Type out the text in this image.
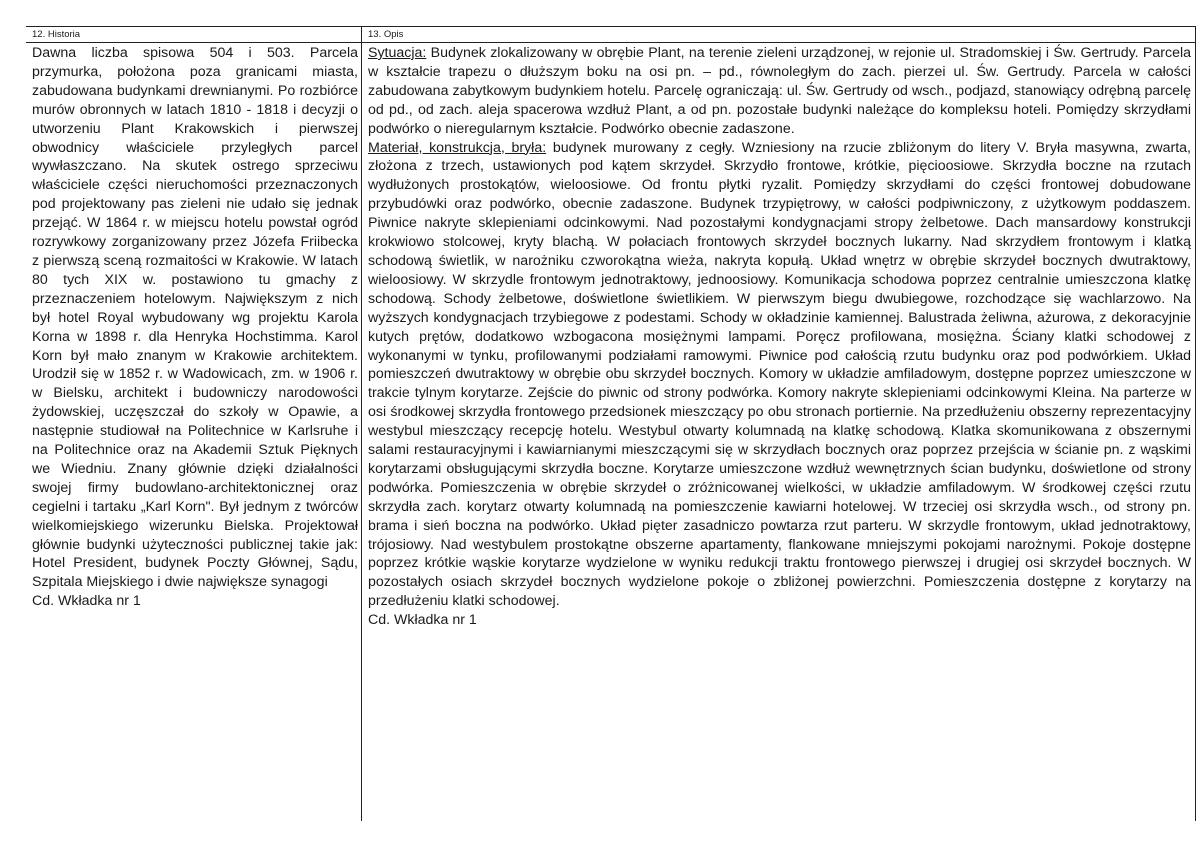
12. Historia

Dawna liczba spisowa 504 i 503. Parcela przymurka, położona poza granicami miasta, zabudowana budynkami drewnianymi. Po rozbiórce murów obronnych w latach 1810 - 1818 i decyzji o utworzeniu Plant Krakowskich i pierwszej obwodnicy właściciele przyległych parcel wywłaszczano. Na skutek ostrego sprzeciwu właściciele części nieruchomości przeznaczonych pod projektowany pas zieleni nie udało się jednak przejąć. W 1864 r. w miejscu hotelu powstał ogród rozrywkowy zorganizowany przez Józefa Friibecka z pierwszą sceną rozmaitości w Krakowie. W latach 80 tych XIX w. postawiono tu gmachy z przeznaczeniem hotelowym. Największym z nich był hotel Royal wybudowany wg projektu Karola Korna w 1898 r. dla Henryka Hochstimma. Karol Korn był mało znanym w Krakowie architektem. Urodził się w 1852 r. w Wadowicach, zm. w 1906 r. w Bielsku, architekt i budowniczy narodowości żydowskiej, uczęszczał do szkoły w Opawie, a następnie studiował na Politechnice w Karlsruhe i na Politechnice oraz na Akademii Sztuk Pięknych we Wiedniu. Znany głównie dzięki działalności swojej firmy budowlano-architektonicznej oraz cegielni i tartaku „Karl Korn". Był jednym z twórców wielkomiejskiego wizerunku Bielska. Projektował głównie budynki użyteczności publicznej takie jak: Hotel President, budynek Poczty Głównej, Sądu, Szpitala Miejskiego i dwie największe synagogi

Cd. Wkładka nr 1

13. Opis

Sytuacja: Budynek zlokalizowany w obrębie Plant, na terenie zieleni urządzonej, w rejonie ul. Stradomskiej i Św. Gertrudy. Parcela w kształcie trapezu o dłuższym boku na osi pn. – pd., równoległym do zach. pierzei ul. Św. Gertrudy. Parcela w całości zabudowana zabytkowym budynkiem hotelu. Parcelę ograniczają: ul. Św. Gertrudy od wsch., podjazd, stanowiący odrębną parcelę od pd., od zach. aleja spacerowa wzdłuż Plant, a od pn. pozostałe budynki należące do kompleksu hoteli. Pomiędzy skrzydłami podwórko o nieregularnym kształcie. Podwórko obecnie zadaszone.

Materiał, konstrukcja, bryła: budynek murowany z cegły. Wzniesiony na rzucie zbliżonym do litery V. Bryła masywna, zwarta, złożona z trzech, ustawionych pod kątem skrzydeł. Skrzydło frontowe, krótkie, pięcioosiowe. Skrzydła boczne na rzutach wydłużonych prostokątów, wieloosiowe. Od frontu płytki ryzalit. Pomiędzy skrzydłami do części frontowej dobudowane przybudówki oraz podwórko, obecnie zadaszone. Budynek trzypiętrowy, w całości podpiwniczony, z użytkowym poddaszem. Piwnice nakryte sklepieniami odcinkowymi. Nad pozostałymi kondygnacjami stropy żelbetowe. Dach mansardowy konstrukcji krokwiowo stolcowej, kryty blachą. W połaciach frontowych skrzydeł bocznych lukarny. Nad skrzydłem frontowym i klatką schodową świetlik, w narożniku czworokątna wieża, nakryta kopułą. Układ wnętrz w obrębie skrzydeł bocznych dwutraktowy, wieloosiowy. W skrzydle frontowym jednotraktowy, jednoosiowy. Komunikacja schodowa poprzez centralnie umieszczona klatkę schodową. Schody żelbetowe, doświetlone świetlikiem. W pierwszym biegu dwubiegowe, rozchodzące się wachlarzowo. Na wyższych kondygnacjach trzybiegowe z podestami. Schody w okładzinie kamiennej. Balustrada żeliwna, ażurowa, z dekoracyjnie kutych prętów, dodatkowo wzbogacona mosiężnymi lampami. Poręcz profilowana, mosiężna. Ściany klatki schodowej z wykonanymi w tynku, profilowanymi podziałami ramowymi. Piwnice pod całością rzutu budynku oraz pod podwórkiem. Układ pomieszczeń dwutraktowy w obrębie obu skrzydeł bocznych. Komory w układzie amfiladowym, dostępne poprzez umieszczone w trakcie tylnym korytarze. Zejście do piwnic od strony podwórka. Komory nakryte sklepieniami odcinkowymi Kleina. Na parterze w osi środkowej skrzydła frontowego przedsionek mieszczący po obu stronach portiernie. Na przedłużeniu obszerny reprezentacyjny westybul mieszczący recepcję hotelu. Westybul otwarty kolumnadą na klatkę schodową. Klatka skomunikowana z obszernymi salami restauracyjnymi i kawiarnianymi mieszczącymi się w skrzydłach bocznych oraz poprzez przejścia w ścianie pn. z wąskimi korytarzami obsługującymi skrzydła boczne. Korytarze umieszczone wzdłuż wewnętrznych ścian budynku, doświetlone od strony podwórka. Pomieszczenia w obrębie skrzydeł o zróżnicowanej wielkości, w układzie amfiladowym. W środkowej części rzutu skrzydła zach. korytarz otwarty kolumnadą na pomieszczenie kawiarni hotelowej. W trzeciej osi skrzydła wsch., od strony pn. brama i sień boczna na podwórko. Układ pięter zasadniczo powtarza rzut parteru. W skrzydle frontowym, układ jednotraktowy, trójosiowy. Nad westybulem prostokątne obszerne apartamenty, flankowane mniejszymi pokojami narożnymi. Pokoje dostępne poprzez krótkie wąskie korytarze wydzielone w wyniku redukcji traktu frontowego pierwszej i drugiej osi skrzydeł bocznych. W pozostałych osiach skrzydeł bocznych wydzielone pokoje o zbliżonej powierzchni. Pomieszczenia dostępne z korytarzy na przedłużeniu klatki schodowej.

Cd. Wkładka nr 1
